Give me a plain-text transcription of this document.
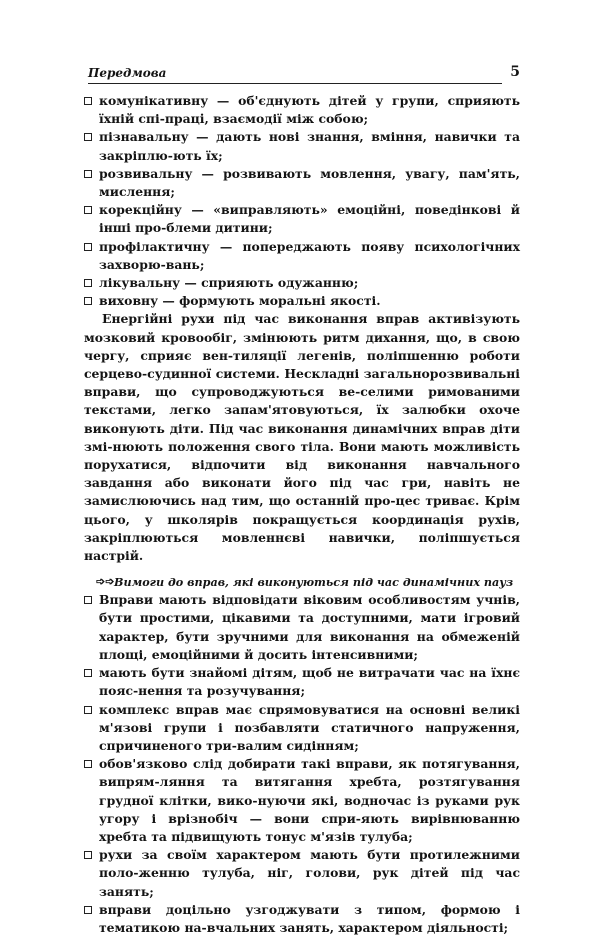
Передмова	5
комунікативну — об'єднують дітей у групи, сприяють їхній спі-працi, взаємодії між собою;
пізнавальну — дають нові знання, вміння, навички та закріплю-ють їх;
розвивальну — розвивають мовлення, увагу, пам'ять, мислення;
корекційну — «виправляють» емоційні, поведінкові й інші про-блеми дитини;
профілактичну — попереджають появу психологічних захворю-вань;
лікувальну — сприяють одужанню;
виховну — формують моральні якості.

Енергійні рухи під час виконання вправ активізують мозковий кровообіг, змінюють ритм дихання, що, в свою чергу, сприяє вен-тиляції легенів, поліпшенню роботи серцево-судинної системи. Нескладні загальнорозвивальні вправи, що супроводжуються ве-селими римованими текстами, легко запам'ятовуються, їх залюбки охоче виконують діти. Під час виконання динамічних вправ діти змі-нюють положення свого тіла. Вони мають можливість порухатися, відпочити від виконання навчального завдання або виконати його під час гри, навіть не замислюючись над тим, що останній про-цес триває. Крім цього, у школярів покращується координація рухів, закріплюються мовленнєві навички, поліпшується настрій.

➩➩ Вимоги до вправ, які виконуються під час динамічних пауз
Вправи мають відповідати віковим особливостям учнів, бути простими, цікавими та доступними, мати ігровий характер, бути зручними для виконання на обмеженій площі, емоційними й досить інтенсивними;
мають бути знайомі дітям, щоб не витрачати час на їхнє пояс-нення та розучування;
комплекс вправ має спрямовуватися на основні великі м'язові групи і позбавляти статичного напруження, спричиненого три-валим сидінням;
обов'язково слід добирати такі вправи, як потягування, випрям-ляння та витягання хребта, розтягування грудної клітки, вико-нуючи які, водночас із руками рук угору і врізнобіч — вони спри-яють вирівнюванню хребта та підвищують тонус м'язів тулуба;
рухи за своїм характером мають бути протилежними поло-женню тулуба, ніг, голови, рук дітей під час занять;
вправи доцільно узгоджувати з типом, формою і тематикою на-вчальних занять, характером діяльності;
